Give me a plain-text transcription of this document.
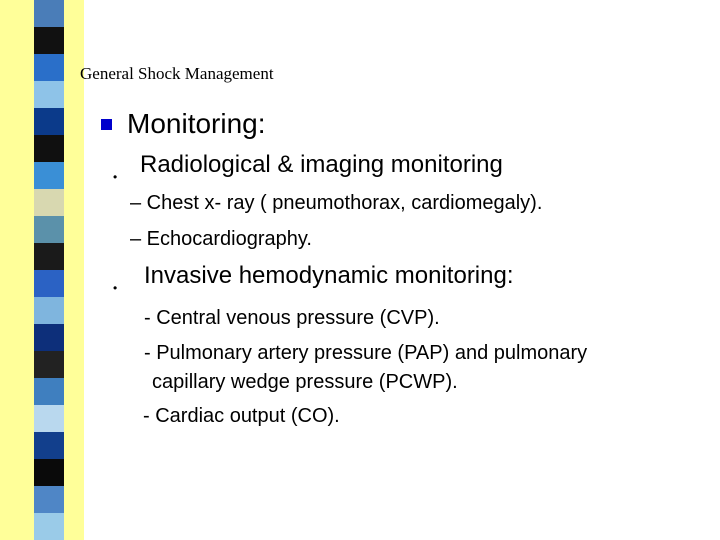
General Shock Management
Monitoring:
• Radiological & imaging monitoring
– Chest x- ray ( pneumothorax, cardiomegaly).
– Echocardiography.
• Invasive hemodynamic monitoring:
- Central venous pressure (CVP).
- Pulmonary artery pressure (PAP) and pulmonary
capillary wedge pressure (PCWP).
- Cardiac output (CO).
